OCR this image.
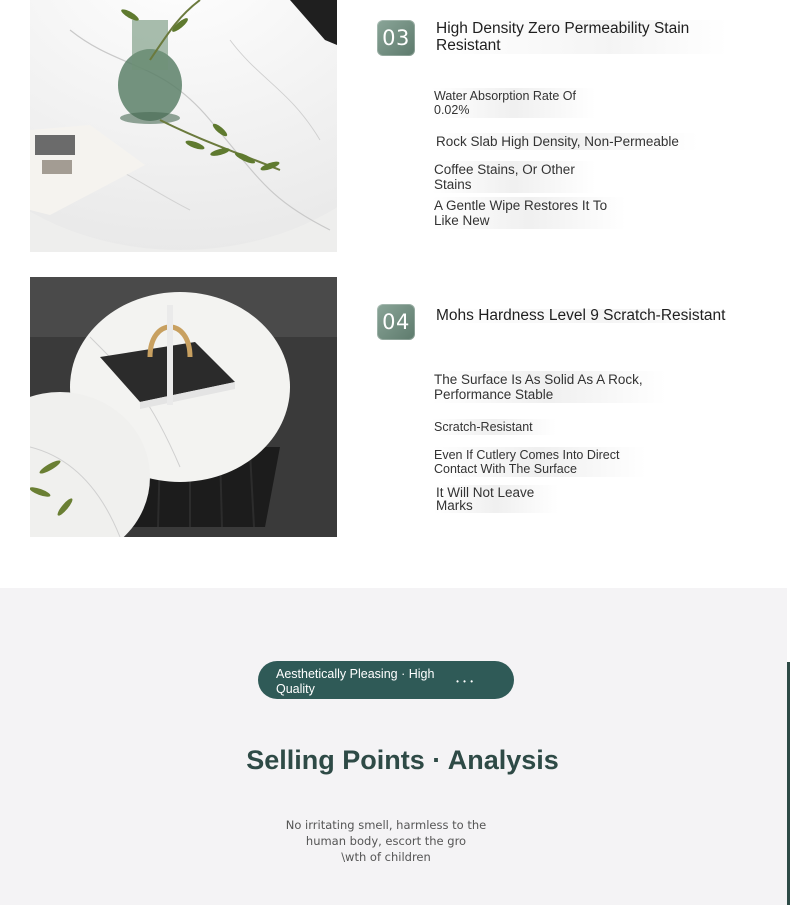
03	High Density Zero Permeability Stain Resistant
Water Absorption Rate Of 0.02%
Rock Slab High Density, Non-Permeable
Coffee Stains, Or Other Stains
A Gentle Wipe Restores It To Like New
04	Mohs Hardness Level 9 Scratch-Resistant
The Surface Is As Solid As A Rock, Performance Stable
Scratch-Resistant
Even If Cutlery Comes Into Direct Contact With The Surface
It Will Not Leave Marks
Aesthetically Pleasing · High Quality
• • •
Selling Points · Analysis
No irritating smell, harmless to the human body, escort the gro
\wth of children
